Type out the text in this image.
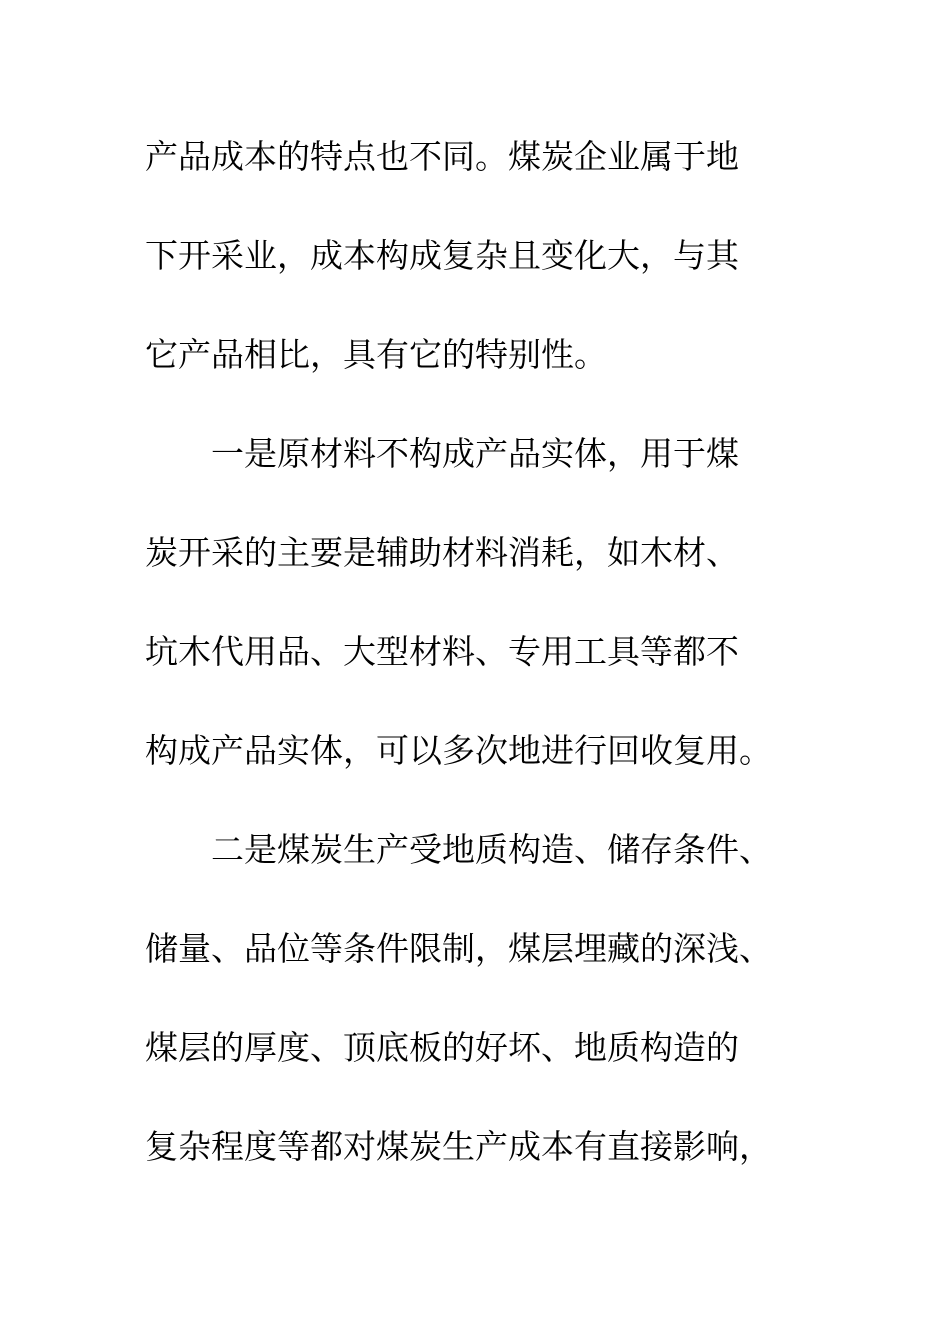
产品成本的特点也不同。煤炭企业属于地
下开采业，成本构成复杂且变化大，与其
它产品相比，具有它的特别性。
　　一是原材料不构成产品实体，用于煤
炭开采的主要是辅助材料消耗，如木材、
坑木代用品、大型材料、专用工具等都不
构成产品实体，可以多次地进行回收复用。
　　二是煤炭生产受地质构造、储存条件、
储量、品位等条件限制，煤层埋藏的深浅、
煤层的厚度、顶底板的好坏、地质构造的
复杂程度等都对煤炭生产成本有直接影响，
